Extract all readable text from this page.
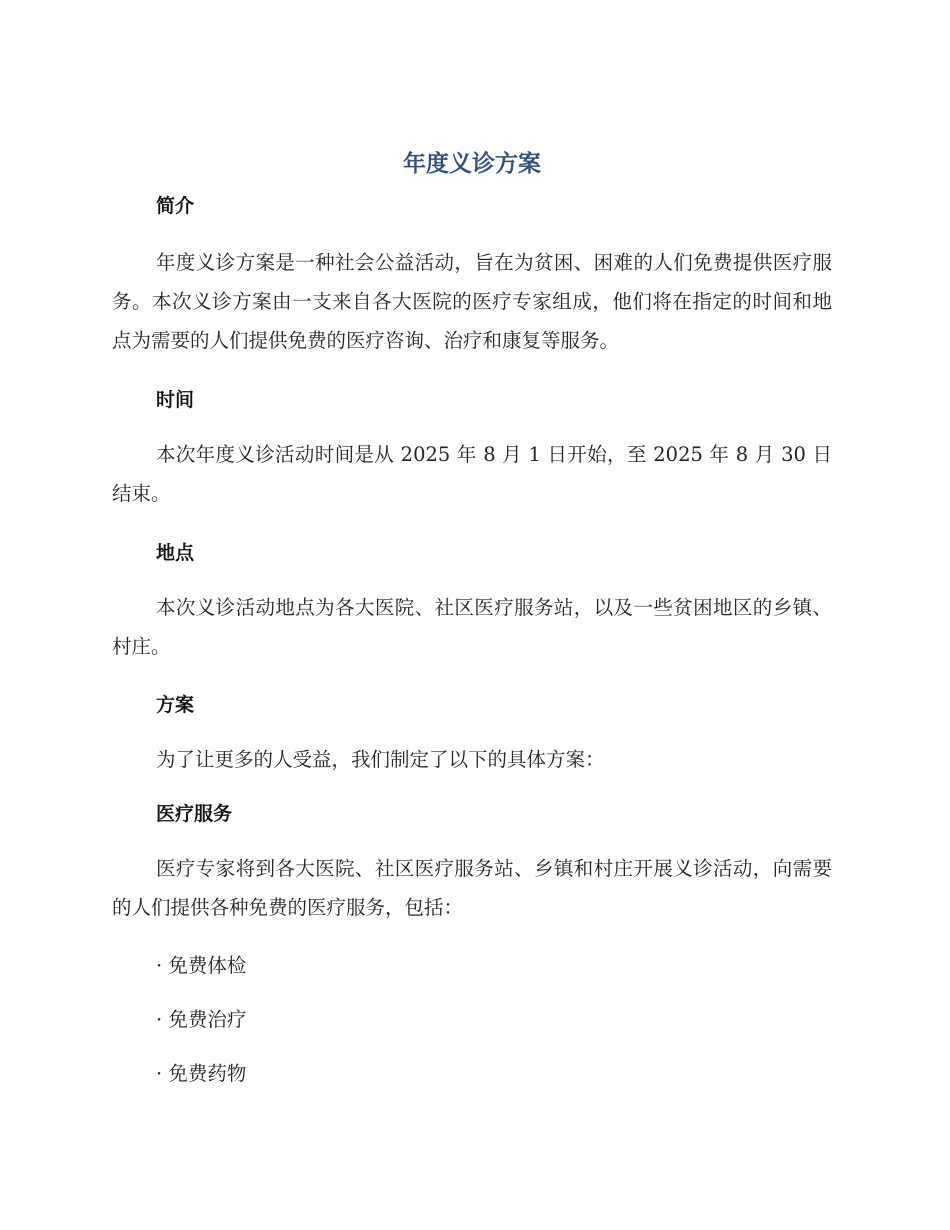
年度义诊方案
简介

年度义诊方案是一种社会公益活动，旨在为贫困、困难的人们免费提供医疗服务。本次义诊方案由一支来自各大医院的医疗专家组成，他们将在指定的时间和地点为需要的人们提供免费的医疗咨询、治疗和康复等服务。

时间

本次年度义诊活动时间是从 2025 年 8 月 1 日开始，至 2025 年 8 月 30 日结束。

地点

本次义诊活动地点为各大医院、社区医疗服务站，以及一些贫困地区的乡镇、村庄。

方案

为了让更多的人受益，我们制定了以下的具体方案：

医疗服务

医疗专家将到各大医院、社区医疗服务站、乡镇和村庄开展义诊活动，向需要的人们提供各种免费的医疗服务，包括：

· 免费体检

· 免费治疗

· 免费药物
